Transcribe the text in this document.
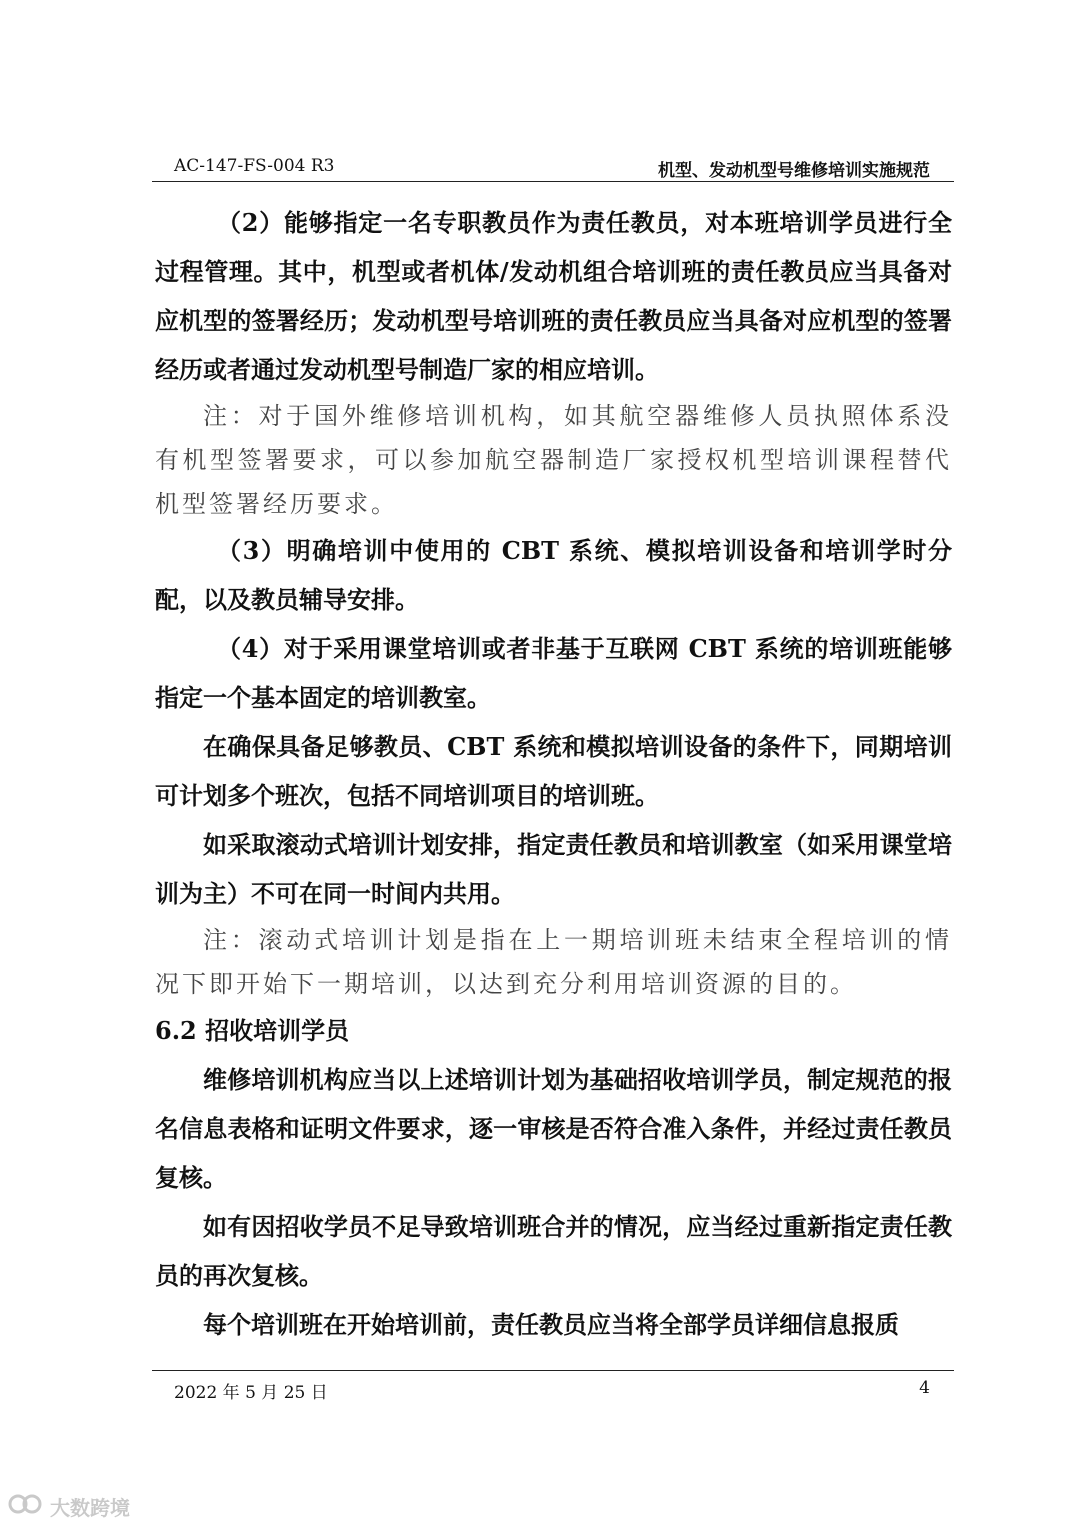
AC-147-FS-004 R3	机型、发动机型号维修培训实施规范

（2）能够指定一名专职教员作为责任教员，对本班培训学员进行全过程管理。其中，机型或者机体/发动机组合培训班的责任教员应当具备对应机型的签署经历；发动机型号培训班的责任教员应当具备对应机型的签署经历或者通过发动机型号制造厂家的相应培训。

注：对于国外维修培训机构，如其航空器维修人员执照体系没有机型签署要求，可以参加航空器制造厂家授权机型培训课程替代机型签署经历要求。

（3）明确培训中使用的 CBT 系统、模拟培训设备和培训学时分配，以及教员辅导安排。

（4）对于采用课堂培训或者非基于互联网 CBT 系统的培训班能够指定一个基本固定的培训教室。

在确保具备足够教员、CBT 系统和模拟培训设备的条件下，同期培训可计划多个班次，包括不同培训项目的培训班。

如采取滚动式培训计划安排，指定责任教员和培训教室（如采用课堂培训为主）不可在同一时间内共用。

注：滚动式培训计划是指在上一期培训班未结束全程培训的情况下即开始下一期培训，以达到充分利用培训资源的目的。

6.2 招收培训学员

维修培训机构应当以上述培训计划为基础招收培训学员，制定规范的报名信息表格和证明文件要求，逐一审核是否符合准入条件，并经过责任教员复核。

如有因招收学员不足导致培训班合并的情况，应当经过重新指定责任教员的再次复核。

每个培训班在开始培训前，责任教员应当将全部学员详细信息报质

2022 年 5 月 25 日	4
大数跨境
